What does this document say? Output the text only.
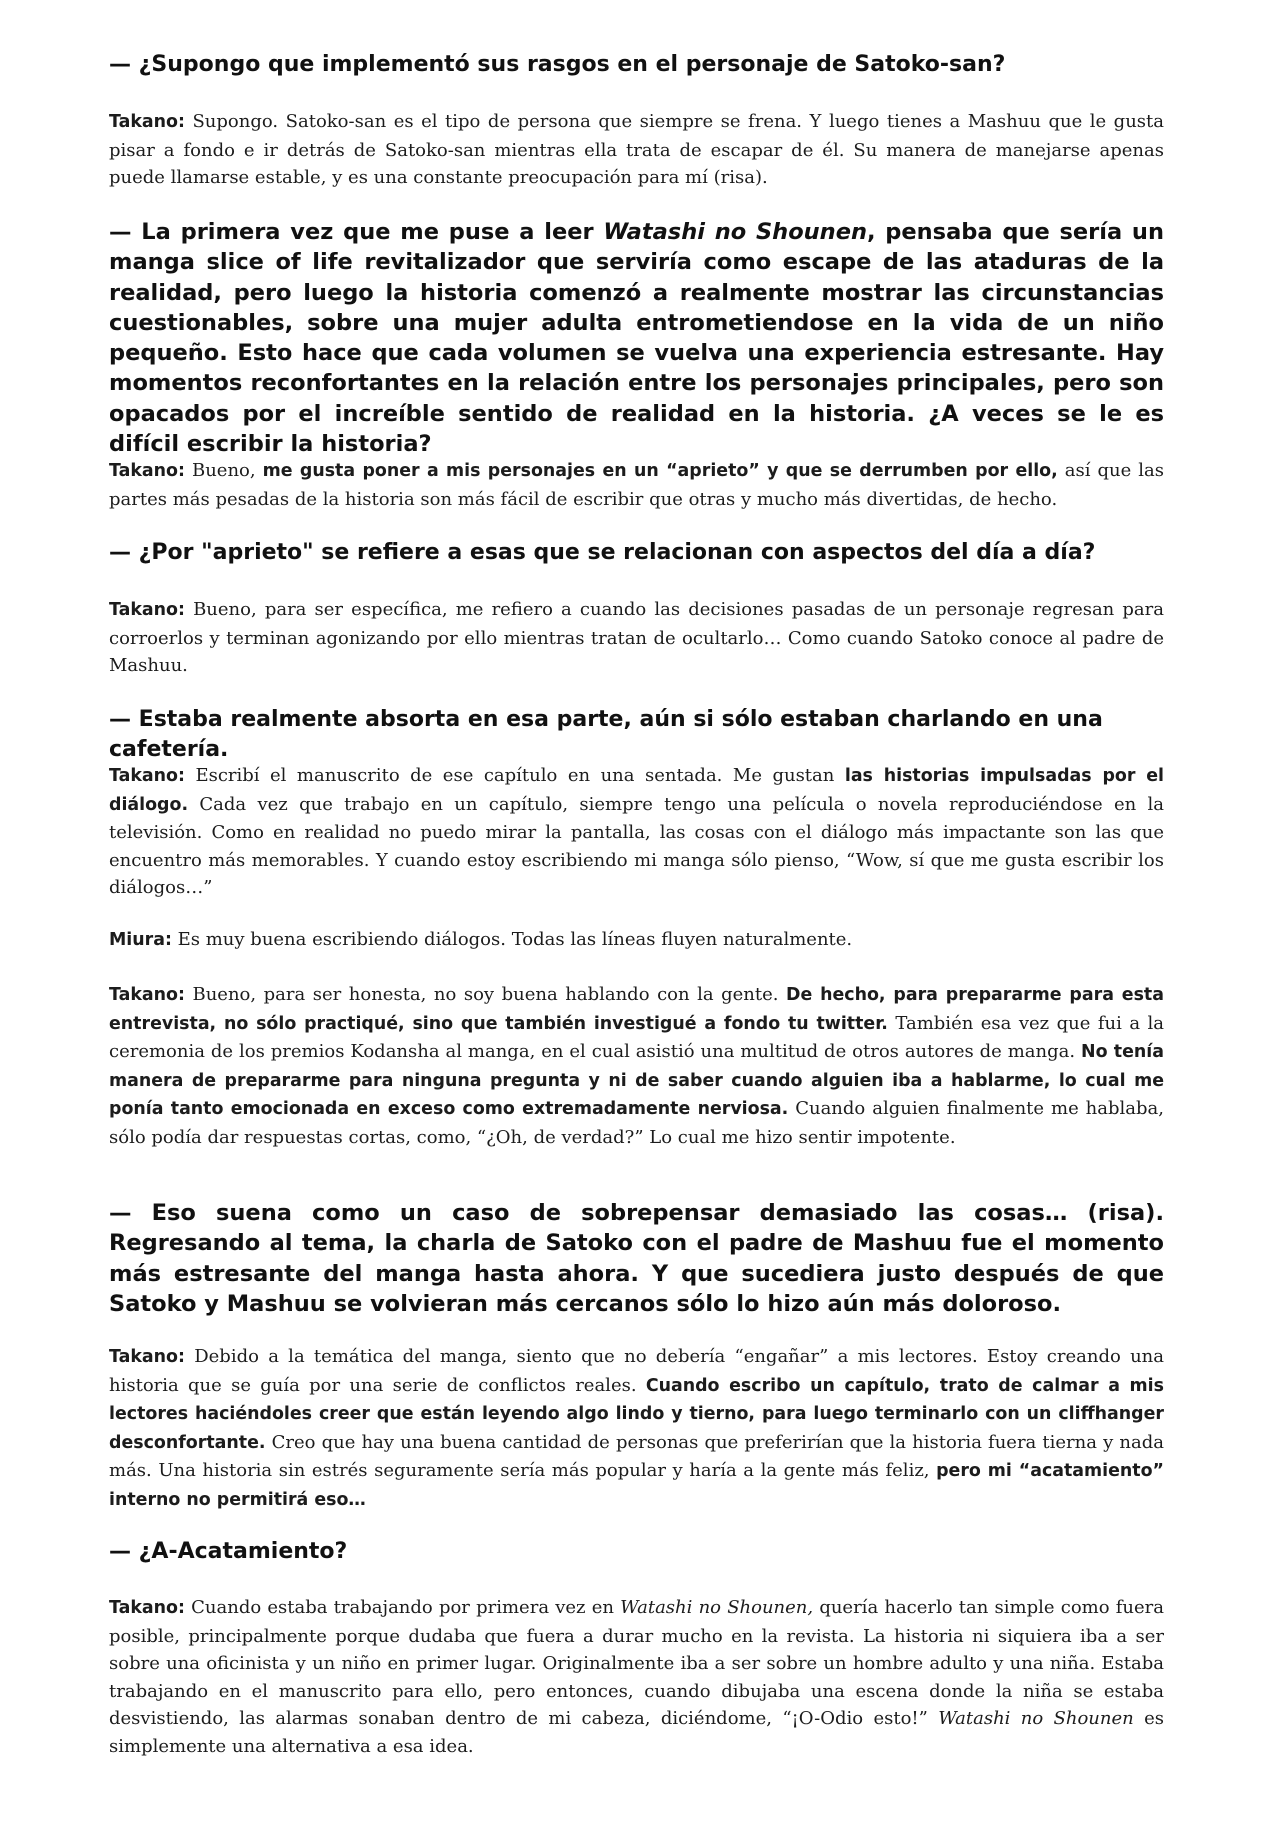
— ¿Supongo que implementó sus rasgos en el personaje de Satoko-san?

Takano: Supongo. Satoko-san es el tipo de persona que siempre se frena. Y luego tienes a Mashuu que le gusta pisar a fondo e ir detrás de Satoko-san mientras ella trata de escapar de él. Su manera de manejarse apenas puede llamarse estable, y es una constante preocupación para mí (risa).

— La primera vez que me puse a leer Watashi no Shounen, pensaba que sería un manga slice of life revitalizador que serviría como escape de las ataduras de la realidad, pero luego la historia comenzó a realmente mostrar las circunstancias cuestionables, sobre una mujer adulta entrometiendose en la vida de un niño pequeño. Esto hace que cada volumen se vuelva una experiencia estresante. Hay momentos reconfortantes en la relación entre los personajes principales, pero son opacados por el increíble sentido de realidad en la historia. ¿A veces se le es difícil escribir la historia?

Takano: Bueno, me gusta poner a mis personajes en un “aprieto” y que se derrumben por ello, así que las partes más pesadas de la historia son más fácil de escribir que otras y mucho más divertidas, de hecho.

— ¿Por "aprieto" se refiere a esas que se relacionan con aspectos del día a día?

Takano: Bueno, para ser específica, me refiero a cuando las decisiones pasadas de un personaje regresan para corroerlos y terminan agonizando por ello mientras tratan de ocultarlo… Como cuando Satoko conoce al padre de Mashuu.

— Estaba realmente absorta en esa parte, aún si sólo estaban charlando en una cafetería.

Takano: Escribí el manuscrito de ese capítulo en una sentada. Me gustan las historias impulsadas por el diálogo. Cada vez que trabajo en un capítulo, siempre tengo una película o novela reproduciéndose en la televisión. Como en realidad no puedo mirar la pantalla, las cosas con el diálogo más impactante son las que encuentro más memorables. Y cuando estoy escribiendo mi manga sólo pienso, “Wow, sí que me gusta escribir los diálogos…”

Miura: Es muy buena escribiendo diálogos. Todas las líneas fluyen naturalmente.

Takano: Bueno, para ser honesta, no soy buena hablando con la gente. De hecho, para prepararme para esta entrevista, no sólo practiqué, sino que también investigué a fondo tu twitter. También esa vez que fui a la ceremonia de los premios Kodansha al manga, en el cual asistió una multitud de otros autores de manga. No tenía manera de prepararme para ninguna pregunta y ni de saber cuando alguien iba a hablarme, lo cual me ponía tanto emocionada en exceso como extremadamente nerviosa. Cuando alguien finalmente me hablaba, sólo podía dar respuestas cortas, como, “¿Oh, de verdad?” Lo cual me hizo sentir impotente.

— Eso suena como un caso de sobrepensar demasiado las cosas… (risa). Regresando al tema, la charla de Satoko con el padre de Mashuu fue el momento más estresante del manga hasta ahora. Y que sucediera justo después de que Satoko y Mashuu se volvieran más cercanos sólo lo hizo aún más doloroso.

Takano: Debido a la temática del manga, siento que no debería “engañar” a mis lectores. Estoy creando una historia que se guía por una serie de conflictos reales. Cuando escribo un capítulo, trato de calmar a mis lectores haciéndoles creer que están leyendo algo lindo y tierno, para luego terminarlo con un cliffhanger desconfortante. Creo que hay una buena cantidad de personas que preferirían que la historia fuera tierna y nada más. Una historia sin estrés seguramente sería más popular y haría a la gente más feliz, pero mi “acatamiento” interno no permitirá eso…

— ¿A-Acatamiento?

Takano: Cuando estaba trabajando por primera vez en Watashi no Shounen, quería hacerlo tan simple como fuera posible, principalmente porque dudaba que fuera a durar mucho en la revista. La historia ni siquiera iba a ser sobre una oficinista y un niño en primer lugar. Originalmente iba a ser sobre un hombre adulto y una niña. Estaba trabajando en el manuscrito para ello, pero entonces, cuando dibujaba una escena donde la niña se estaba desvistiendo, las alarmas sonaban dentro de mi cabeza, diciéndome, “¡O-Odio esto!” Watashi no Shounen es simplemente una alternativa a esa idea.
